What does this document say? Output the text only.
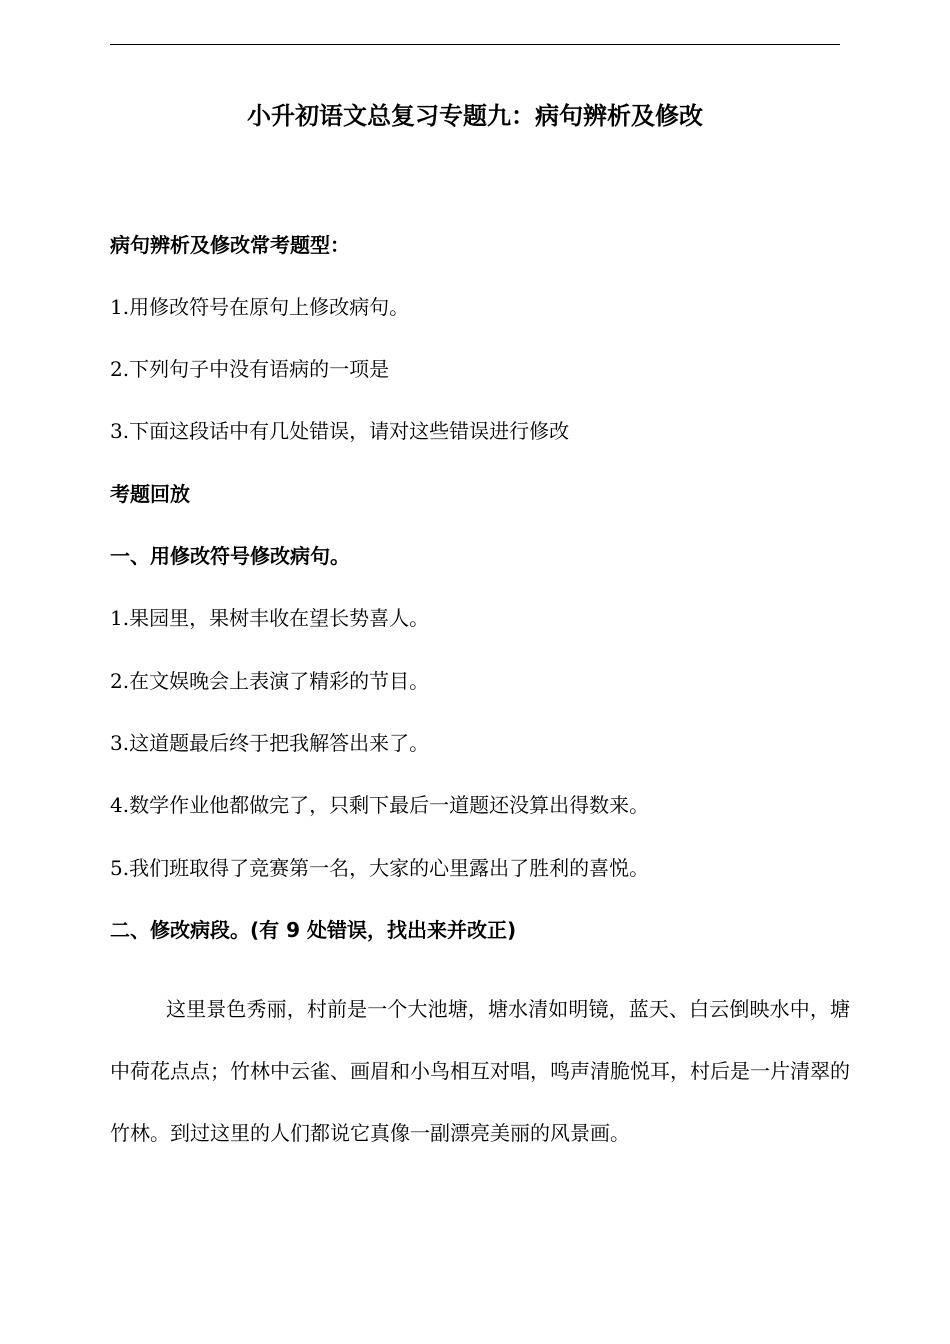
小升初语文总复习专题九：病句辨析及修改
病句辨析及修改常考题型：
1.用修改符号在原句上修改病句。
2.下列句子中没有语病的一项是
3.下面这段话中有几处错误，请对这些错误进行修改
考题回放
一、用修改符号修改病句。
1.果园里，果树丰收在望长势喜人。
2.在文娱晚会上表演了精彩的节目。
3.这道题最后终于把我解答出来了。
4.数学作业他都做完了，只剩下最后一道题还没算出得数来。
5.我们班取得了竞赛第一名，大家的心里露出了胜利的喜悦。
二、修改病段。(有 9 处错误，找出来并改正)
这里景色秀丽，村前是一个大池塘，塘水清如明镜，蓝天、白云倒映水中，塘中荷花点点；竹林中云雀、画眉和小鸟相互对唱，鸣声清脆悦耳，村后是一片清翠的竹林。到过这里的人们都说它真像一副漂亮美丽的风景画。
